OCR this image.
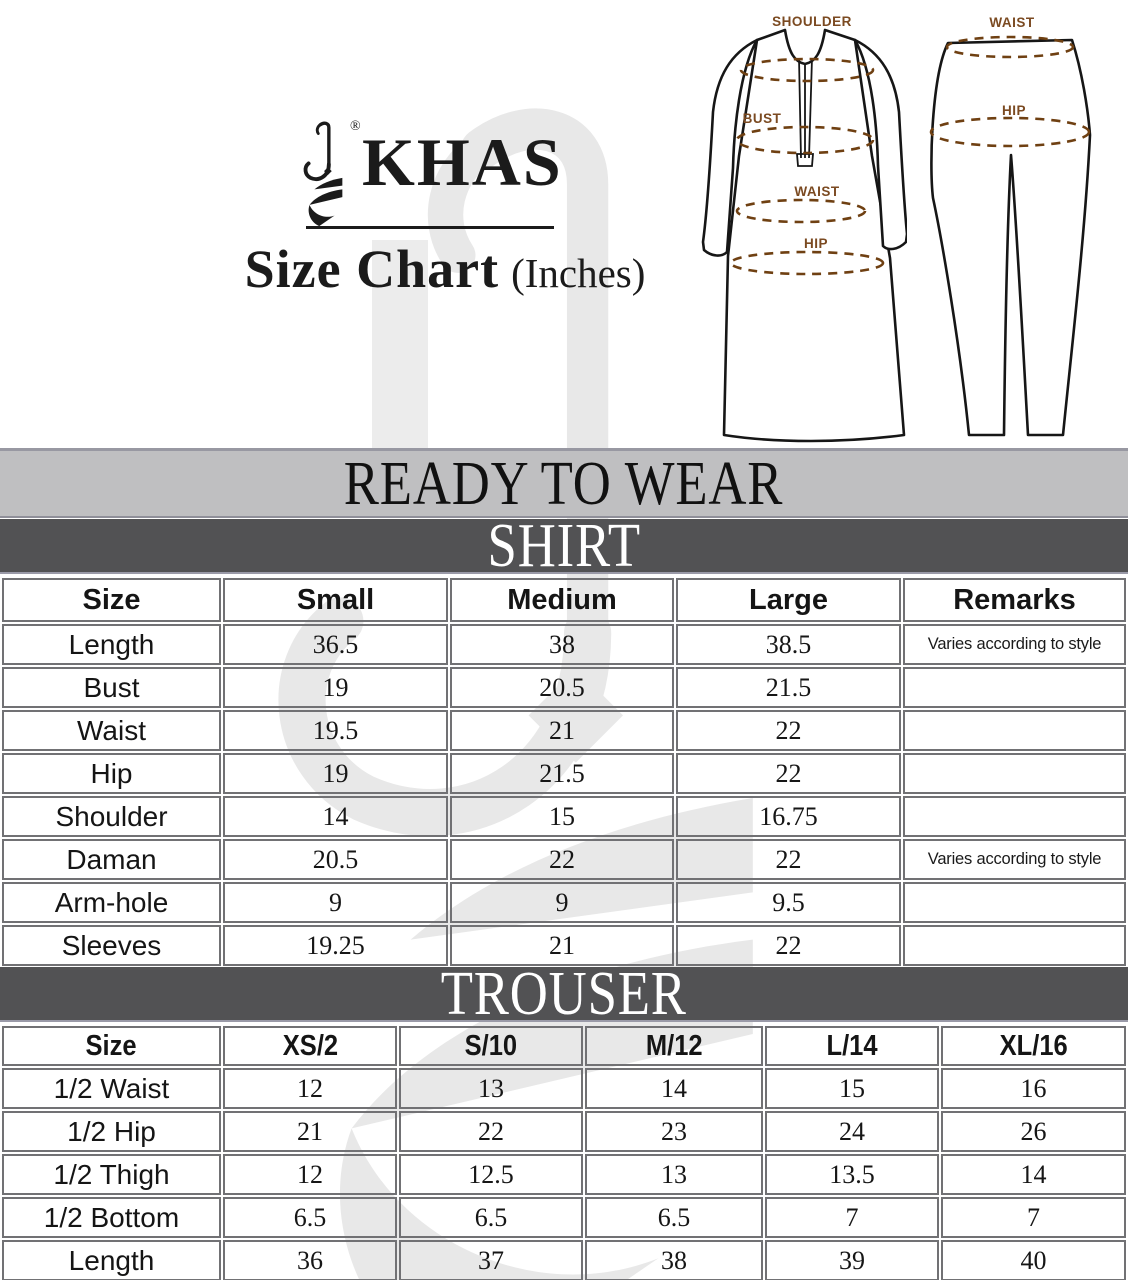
® KHAS
Size Chart (Inches)
SHOULDER
BUST
WAIST
HIP
WAIST
HIP
READY TO WEAR
SHIRT
Size	Small	Medium	Large	Remarks
Length	36.5	38	38.5	Varies according to style
Bust	19	20.5	21.5	
Waist	19.5	21	22	
Hip	19	21.5	22	
Shoulder	14	15	16.75	
Daman	20.5	22	22	Varies according to style
Arm-hole	9	9	9.5	
Sleeves	19.25	21	22	
TROUSER
Size	XS/2	S/10	M/12	L/14	XL/16
1/2 Waist	12	13	14	15	16
1/2 Hip	21	22	23	24	26
1/2 Thigh	12	12.5	13	13.5	14
1/2 Bottom	6.5	6.5	6.5	7	7
Length	36	37	38	39	40
